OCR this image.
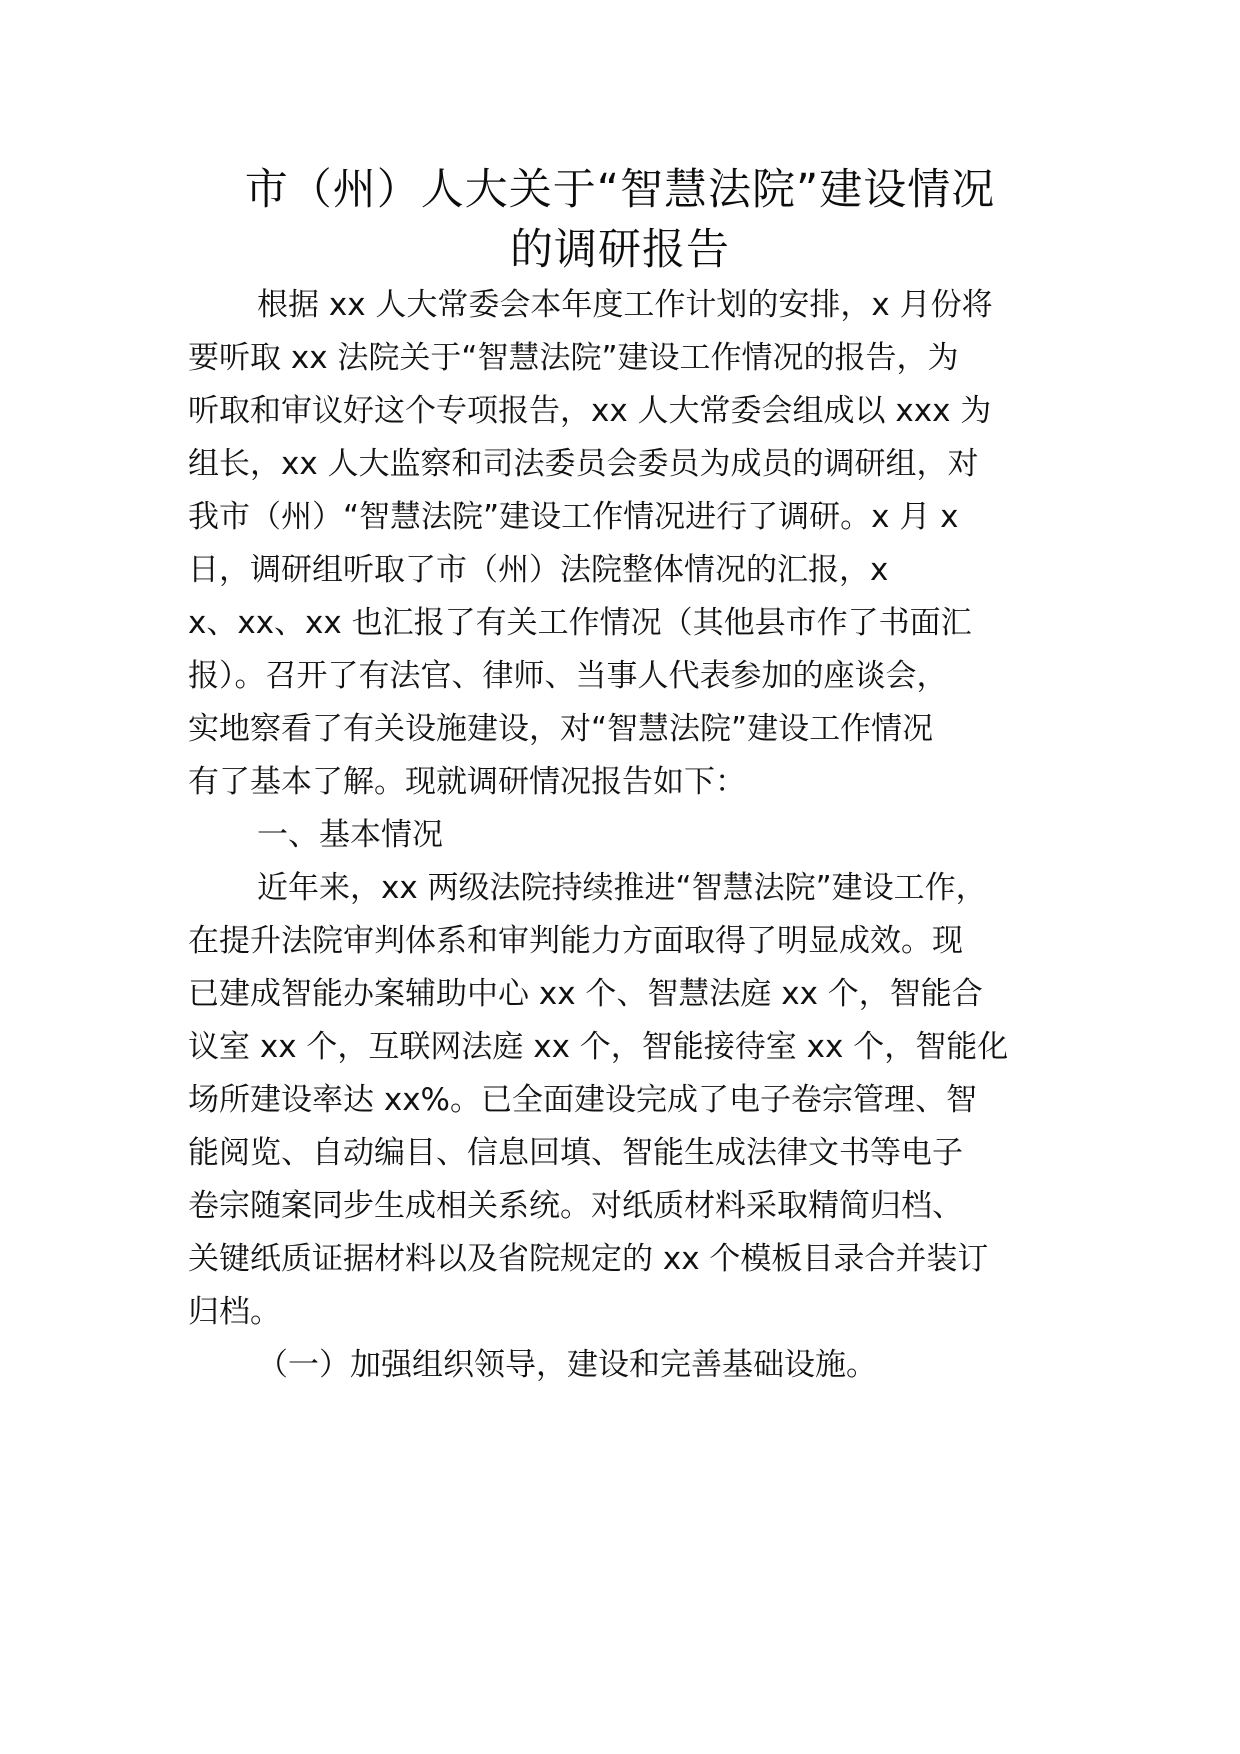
市（州）人大关于“智慧法院”建设情况
的调研报告
根据 xx 人大常委会本年度工作计划的安排，x 月份将
要听取 xx 法院关于“智慧法院”建设工作情况的报告，为
听取和审议好这个专项报告，xx 人大常委会组成以 xxx 为
组长，xx 人大监察和司法委员会委员为成员的调研组，对
我市（州）“智慧法院”建设工作情况进行了调研。x 月 x
日，调研组听取了市（州）法院整体情况的汇报，x
x、xx、xx 也汇报了有关工作情况（其他县市作了书面汇
报）。召开了有法官、律师、当事人代表参加的座谈会，
实地察看了有关设施建设，对“智慧法院”建设工作情况
有了基本了解。现就调研情况报告如下：
一、基本情况
近年来，xx 两级法院持续推进“智慧法院”建设工作，
在提升法院审判体系和审判能力方面取得了明显成效。现
已建成智能办案辅助中心 xx 个、智慧法庭 xx 个，智能合
议室 xx 个，互联网法庭 xx 个，智能接待室 xx 个，智能化
场所建设率达 xx%。已全面建设完成了电子卷宗管理、智
能阅览、自动编目、信息回填、智能生成法律文书等电子
卷宗随案同步生成相关系统。对纸质材料采取精简归档、
关键纸质证据材料以及省院规定的 xx 个模板目录合并装订
归档。
（一）加强组织领导，建设和完善基础设施。
